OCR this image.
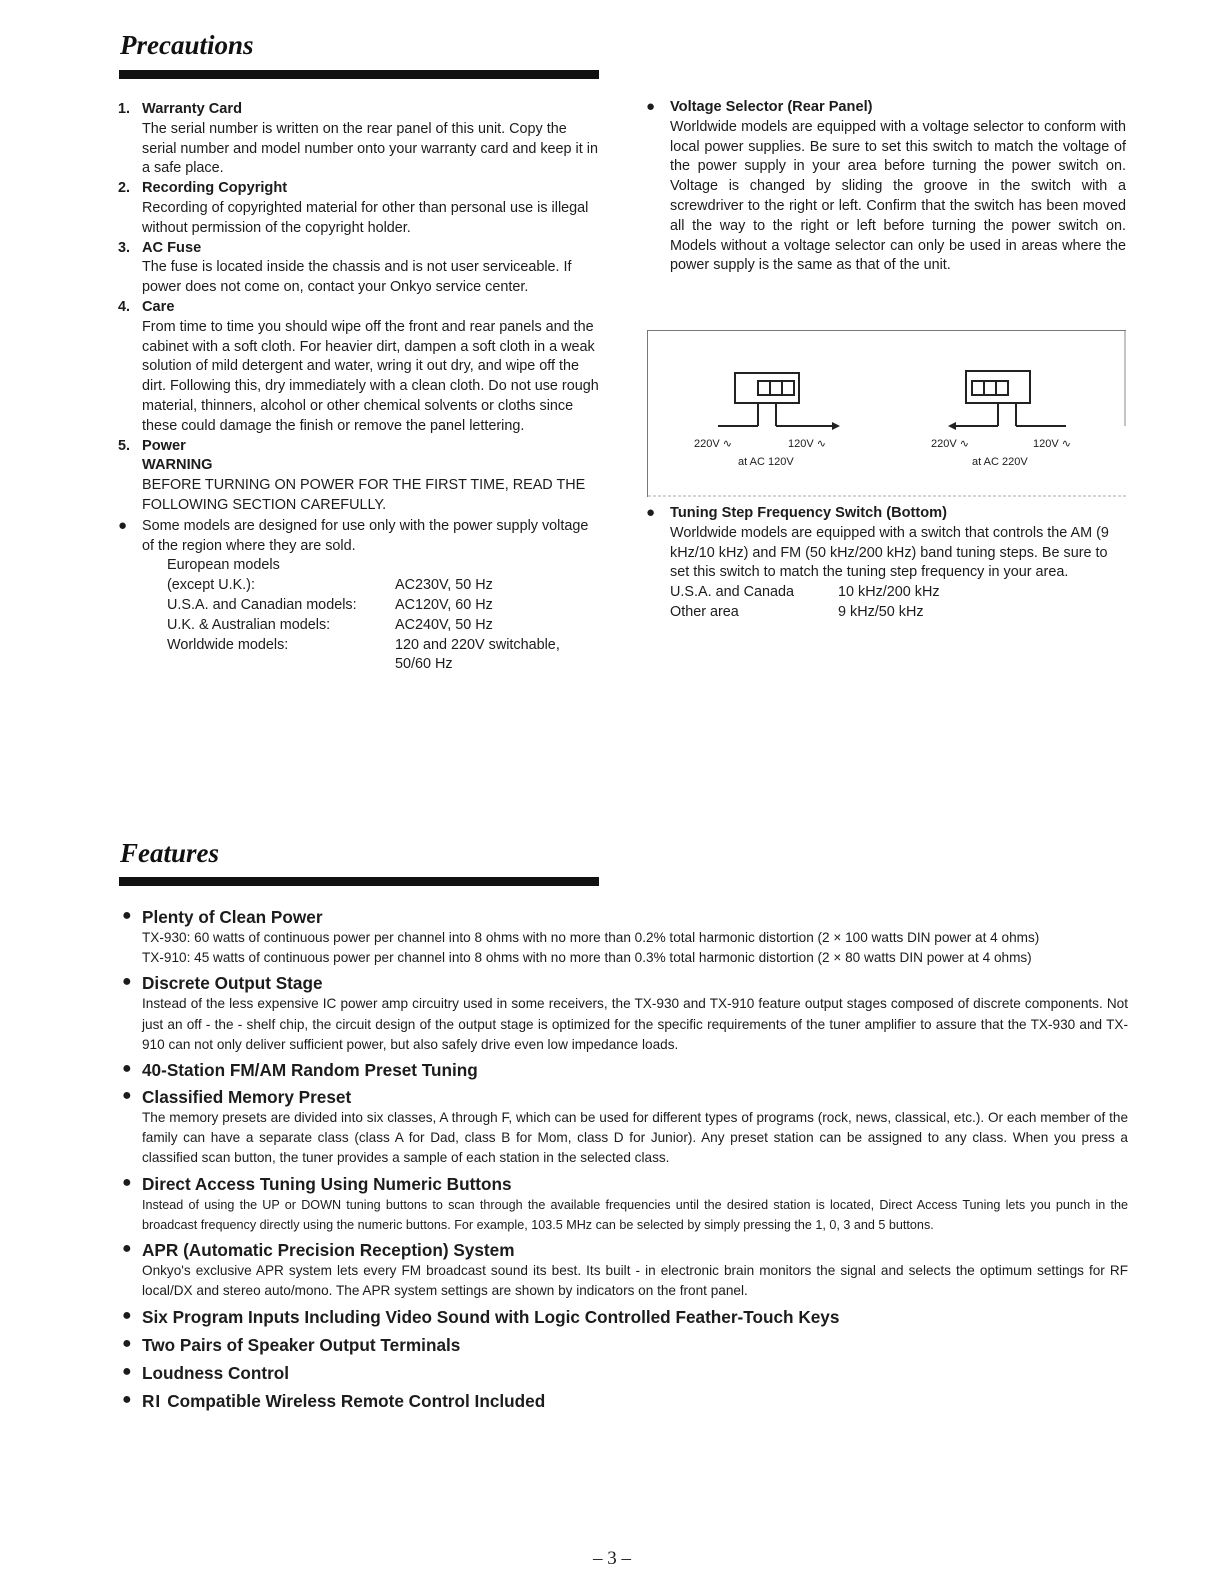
Precautions
1. Warranty Card
The serial number is written on the rear panel of this unit. Copy the serial number and model number onto your warranty card and keep it in a safe place.
2. Recording Copyright
Recording of copyrighted material for other than personal use is illegal without permission of the copyright holder.
3. AC Fuse
The fuse is located inside the chassis and is not user serviceable. If power does not come on, contact your Onkyo service center.
4. Care
From time to time you should wipe off the front and rear panels and the cabinet with a soft cloth. For heavier dirt, dampen a soft cloth in a weak solution of mild detergent and water, wring it out dry, and wipe off the dirt. Following this, dry immediately with a clean cloth. Do not use rough material, thinners, alcohol or other chemical solvents or cloths since these could damage the finish or remove the panel lettering.
5. Power
WARNING
BEFORE TURNING ON POWER FOR THE FIRST TIME, READ THE FOLLOWING SECTION CAREFULLY.
● Some models are designed for use only with the power supply voltage of the region where they are sold.
European models
(except U.K.):	AC230V, 50 Hz
U.S.A. and Canadian models:	AC120V, 60 Hz
U.K. & Australian models:	AC240V, 50 Hz
Worldwide models:	120 and 220V switchable,
50/60 Hz
● Voltage Selector (Rear Panel)
Worldwide models are equipped with a voltage selector to conform with local power supplies. Be sure to set this switch to match the voltage of the power supply in your area before turning the power switch on. Voltage is changed by sliding the groove in the switch with a screwdriver to the right or left. Confirm that the switch has been moved all the way to the right or left before turning the power switch on. Models without a voltage selector can only be used in areas where the power supply is the same as that of the unit.
220V ∿	120V ∿
at AC 120V
220V ∿	120V ∿
at AC 220V
● Tuning Step Frequency Switch (Bottom)
Worldwide models are equipped with a switch that controls the AM (9 kHz/10 kHz) and FM (50 kHz/200 kHz) band tuning steps. Be sure to set this switch to match the tuning step frequency in your area.
U.S.A. and Canada	10 kHz/200 kHz
Other area	9 kHz/50 kHz
Features
● Plenty of Clean Power
TX-930: 60 watts of continuous power per channel into 8 ohms with no more than 0.2% total harmonic distortion (2 × 100 watts DIN power at 4 ohms)
TX-910: 45 watts of continuous power per channel into 8 ohms with no more than 0.3% total harmonic distortion (2 × 80 watts DIN power at 4 ohms)
● Discrete Output Stage
Instead of the less expensive IC power amp circuitry used in some receivers, the TX-930 and TX-910 feature output stages composed of discrete components. Not just an off - the - shelf chip, the circuit design of the output stage is optimized for the specific requirements of the tuner amplifier to assure that the TX-930 and TX-910 can not only deliver sufficient power, but also safely drive even low impedance loads.
● 40-Station FM/AM Random Preset Tuning
● Classified Memory Preset
The memory presets are divided into six classes, A through F, which can be used for different types of programs (rock, news, classical, etc.). Or each member of the family can have a separate class (class A for Dad, class B for Mom, class D for Junior). Any preset station can be assigned to any class. When you press a classified scan button, the tuner provides a sample of each station in the selected class.
● Direct Access Tuning Using Numeric Buttons
Instead of using the UP or DOWN tuning buttons to scan through the available frequencies until the desired station is located, Direct Access Tuning lets you punch in the broadcast frequency directly using the numeric buttons. For example, 103.5 MHz can be selected by simply pressing the 1, 0, 3 and 5 buttons.
● APR (Automatic Precision Reception) System
Onkyo's exclusive APR system lets every FM broadcast sound its best. Its built - in electronic brain monitors the signal and selects the optimum settings for RF local/DX and stereo auto/mono. The APR system settings are shown by indicators on the front panel.
● Six Program Inputs Including Video Sound with Logic Controlled Feather-Touch Keys
● Two Pairs of Speaker Output Terminals
● Loudness Control
● RI Compatible Wireless Remote Control Included
– 3 –
